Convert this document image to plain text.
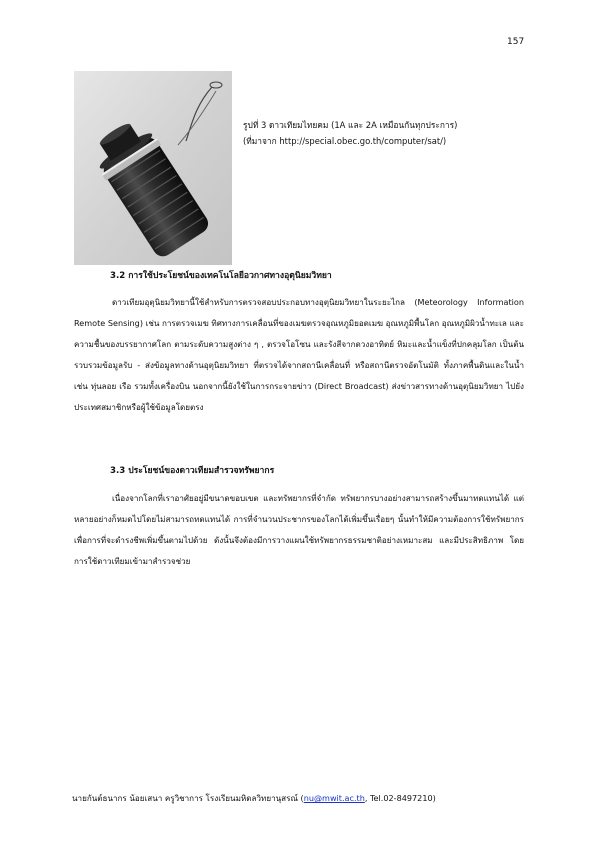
157
รูปที่ 3 ดาวเทียมไทยคม (1A และ 2A เหมือนกันทุกประการ)
(ที่มาจาก http://special.obec.go.th/computer/sat/)
3.2 การใช้ประโยชน์ของเทคโนโลยีอวกาศทางอุตุนิยมวิทยา
ดาวเทียมอุตุนิยมวิทยานี้ใช้สำหรับการตรวจสอบประกอบทางอุตุนิยมวิทยาในระยะไกล (Meteorology Information Remote Sensing) เช่น การตรวจเมฆ ทิศทางการเคลื่อนที่ของเมฆตรวจอุณหภูมิยอดเมฆ อุณหภูมิพื้นโลก อุณหภูมิผิวน้ำทะเล และความชื้นของบรรยากาศโลก ตามระดับความสูงต่าง ๆ , ตรวจโอโซน และรังสีจากดวงอาทิตย์ หิมะและน้ำแข็งที่ปกคลุมโลก เป็นต้น รวบรวมข้อมูลรับ - ส่งข้อมูลทางด้านอุตุนิยมวิทยา ที่ตรวจได้จากสถานีเคลื่อนที่ หรือสถานีตรวจอัตโนมัติ ทั้งภาคพื้นดินและในน้ำ เช่น ทุ่นลอย เรือ รวมทั้งเครื่องบิน นอกจากนี้ยังใช้ในการกระจายข่าว (Direct Broadcast) ส่งข่าวสารทางด้านอุตุนิยมวิทยา ไปยังประเทศสมาชิกหรือผู้ใช้ข้อมูลโดยตรง
3.3 ประโยชน์ของดาวเทียมสำรวจทรัพยากร
เนื่องจากโลกที่เราอาศัยอยู่มีขนาดขอบเขต และทรัพยากรที่จำกัด ทรัพยากรบางอย่างสามารถสร้างขึ้นมาทดแทนได้ แต่หลายอย่างก็หมดไปโดยไม่สามารถทดแทนได้ การที่จำนวนประชากรของโลกได้เพิ่มขึ้นเรื่อยๆ นั้นทำให้มีความต้องการใช้ทรัพยากรเพื่อการที่จะดำรงชีพเพิ่มขึ้นตามไปด้วย ดังนั้นจึงต้องมีการวางแผนใช้ทรัพยากรธรรมชาติอย่างเหมาะสม และมีประสิทธิภาพ โดยการใช้ดาวเทียมเข้ามาสำรวจช่วย
นายกันต์ธนากร น้อยเสนา ครูวิชาการ โรงเรียนมหิดลวิทยานุสรณ์ (nu@mwit.ac.th, Tel.02-8497210)
